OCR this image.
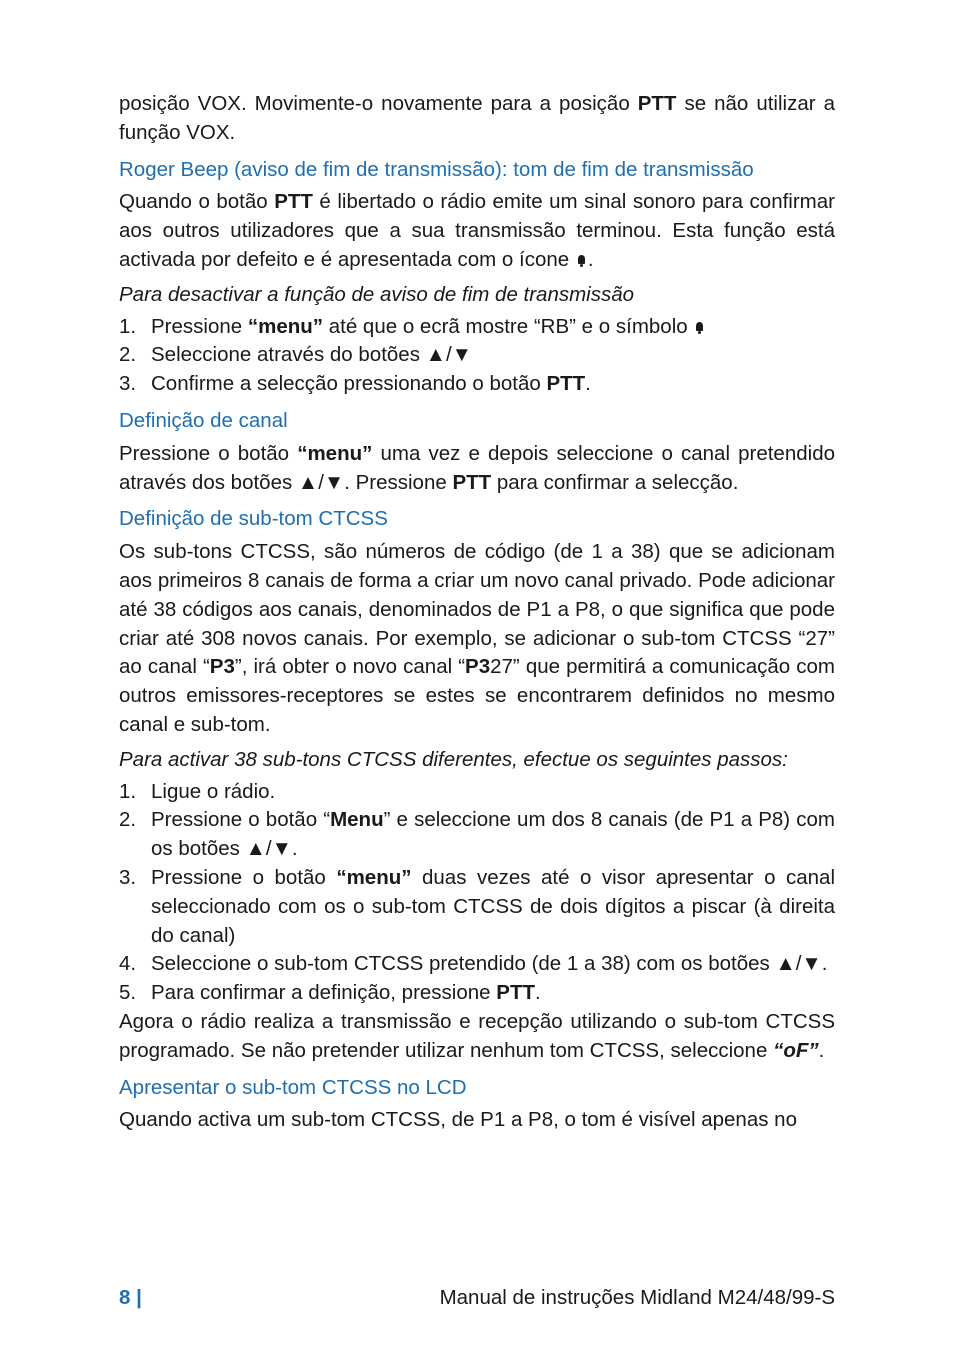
posição VOX. Movimente-o novamente para a posição PTT se não utilizar a função VOX.

Roger Beep (aviso de fim de transmissão): tom de fim de transmissão

Quando o botão PTT é libertado o rádio emite um sinal sonoro para confirmar aos outros utilizadores que a sua transmissão terminou. Esta função está activada por defeito e é apresentada com o ícone .

Para desactivar a função de aviso de fim de transmissão

1. Pressione “menu” até que o ecrã mostre “RB” e o símbolo
2. Seleccione através do botões ▲/▼
3. Confirme a selecção pressionando o botão PTT.

Definição de canal

Pressione o botão “menu” uma vez e depois seleccione o canal pretendido através dos botões ▲/▼. Pressione PTT para confirmar a selecção.

Definição de sub-tom CTCSS

Os sub-tons CTCSS, são números de código (de 1 a 38) que se adicionam aos primeiros 8 canais de forma a criar um novo canal privado. Pode adicionar até 38 códigos aos canais, denominados de P1 a P8, o que significa que pode criar até 308 novos canais. Por exemplo, se adicionar o sub-tom CTCSS “27” ao canal “P3”, irá obter o novo canal “P327” que permitirá a comunicação com outros emissores-receptores se estes se encontrarem definidos no mesmo canal e sub-tom.

Para activar 38 sub-tons CTCSS diferentes, efectue os seguintes passos:

1. Ligue o rádio.
2. Pressione o botão “Menu” e seleccione um dos 8 canais (de P1 a P8) com os botões ▲/▼.
3. Pressione o botão “menu” duas vezes até o visor apresentar o canal seleccionado com os o sub-tom CTCSS de dois dígitos a piscar (à direita do canal)
4. Seleccione o sub-tom CTCSS pretendido (de 1 a 38) com os botões ▲/▼.
5. Para confirmar a definição, pressione PTT.

Agora o rádio realiza a transmissão e recepção utilizando o sub-tom CTCSS programado. Se não pretender utilizar nenhum tom CTCSS, seleccione “oF”.

Apresentar o sub-tom CTCSS no LCD

Quando activa um sub-tom CTCSS, de P1 a P8, o tom é visível apenas no

8 |	Manual de instruções Midland M24/48/99-S
